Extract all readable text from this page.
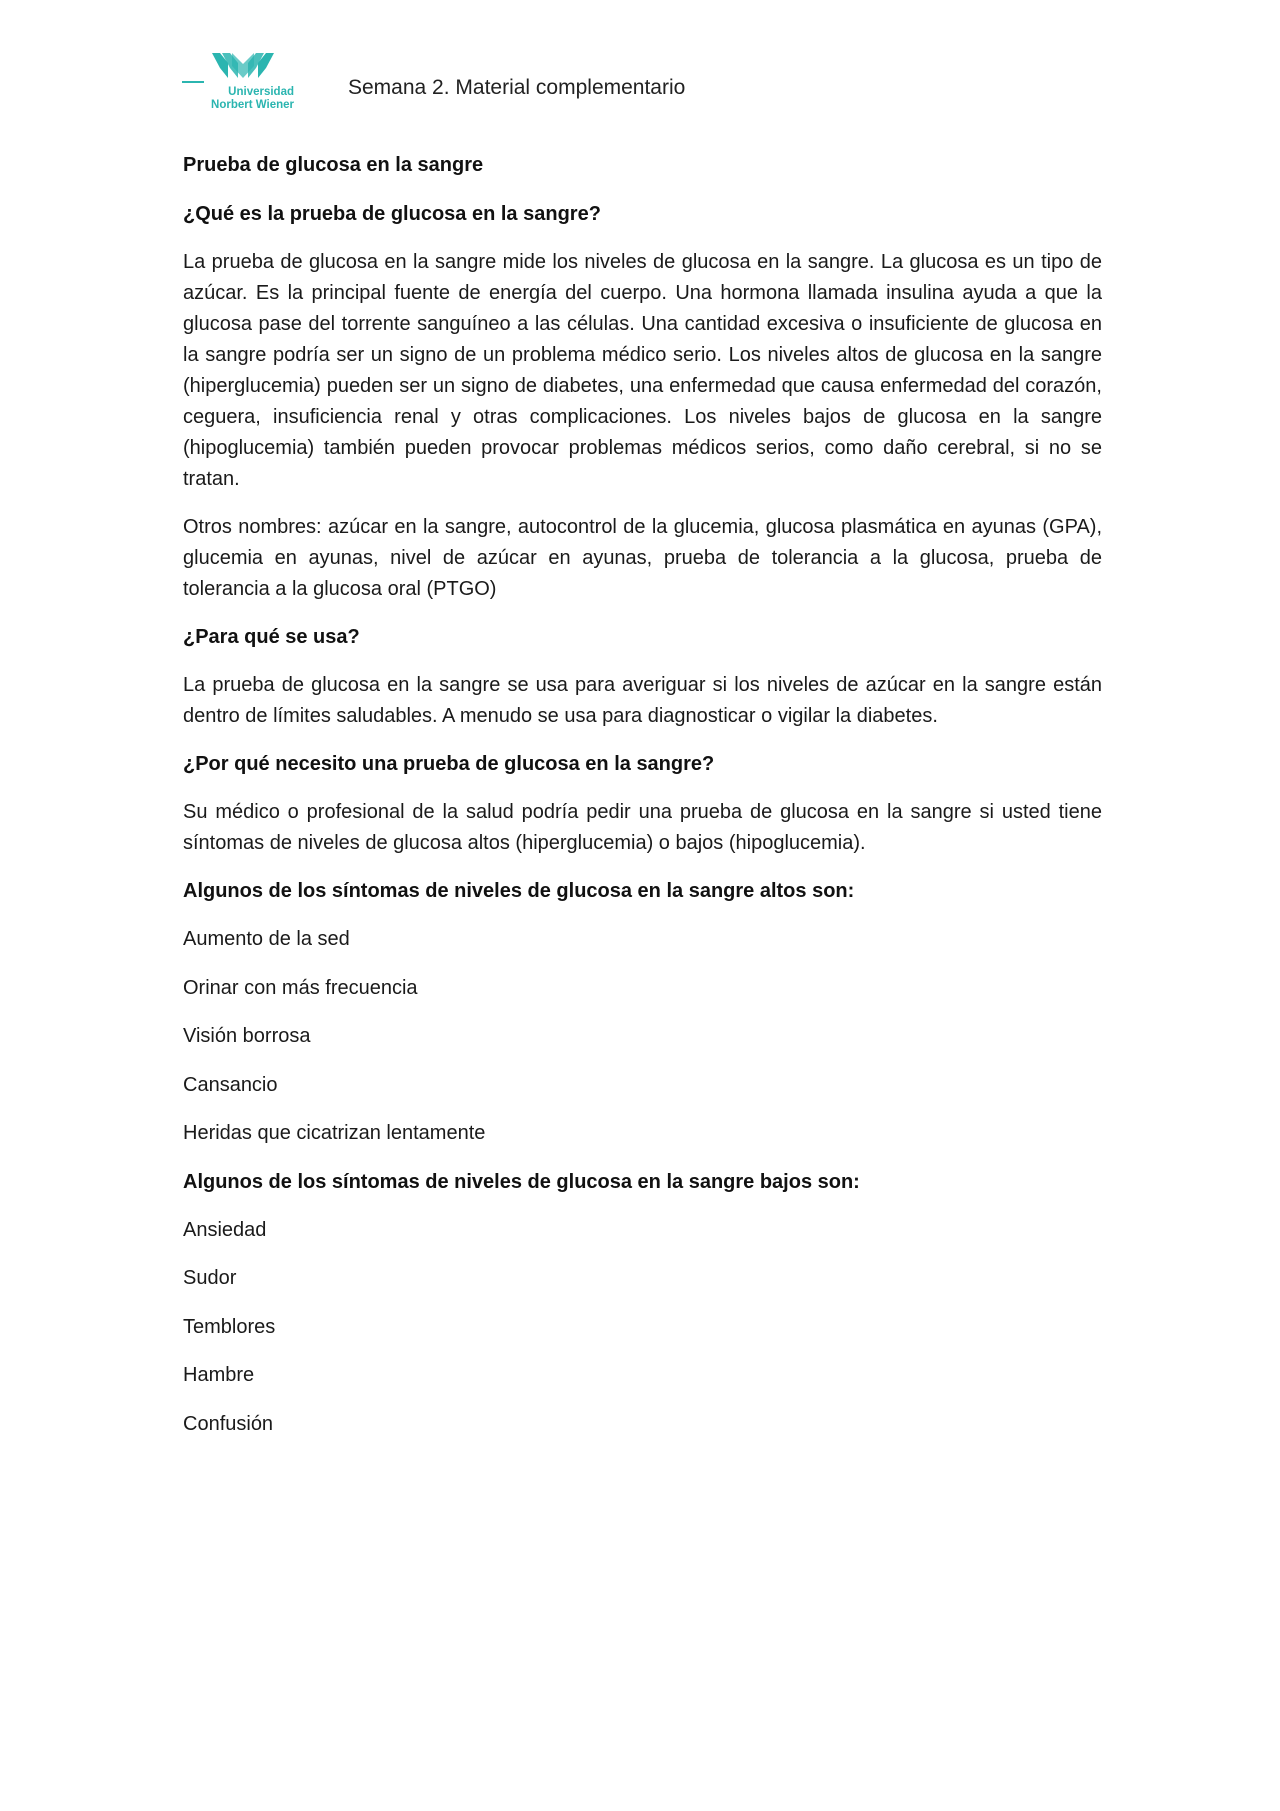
Universidad
Norbert Wiener
Semana 2. Material complementario
Prueba de glucosa en la sangre
¿Qué es la prueba de glucosa en la sangre?

La prueba de glucosa en la sangre mide los niveles de glucosa en la sangre. La glucosa es un tipo de azúcar. Es la principal fuente de energía del cuerpo. Una hormona llamada insulina ayuda a que la glucosa pase del torrente sanguíneo a las células. Una cantidad excesiva o insuficiente de glucosa en la sangre podría ser un signo de un problema médico serio. Los niveles altos de glucosa en la sangre (hiperglucemia) pueden ser un signo de diabetes, una enfermedad que causa enfermedad del corazón, ceguera, insuficiencia renal y otras complicaciones. Los niveles bajos de glucosa en la sangre (hipoglucemia) también pueden provocar problemas médicos serios, como daño cerebral, si no se tratan.

Otros nombres: azúcar en la sangre, autocontrol de la glucemia, glucosa plasmática en ayunas (GPA), glucemia en ayunas, nivel de azúcar en ayunas, prueba de tolerancia a la glucosa, prueba de tolerancia a la glucosa oral (PTGO)

¿Para qué se usa?

La prueba de glucosa en la sangre se usa para averiguar si los niveles de azúcar en la sangre están dentro de límites saludables. A menudo se usa para diagnosticar o vigilar la diabetes.

¿Por qué necesito una prueba de glucosa en la sangre?

Su médico o profesional de la salud podría pedir una prueba de glucosa en la sangre si usted tiene síntomas de niveles de glucosa altos (hiperglucemia) o bajos (hipoglucemia).

Algunos de los síntomas de niveles de glucosa en la sangre altos son:
Aumento de la sed
Orinar con más frecuencia
Visión borrosa
Cansancio
Heridas que cicatrizan lentamente
Algunos de los síntomas de niveles de glucosa en la sangre bajos son:
Ansiedad
Sudor
Temblores
Hambre
Confusión
